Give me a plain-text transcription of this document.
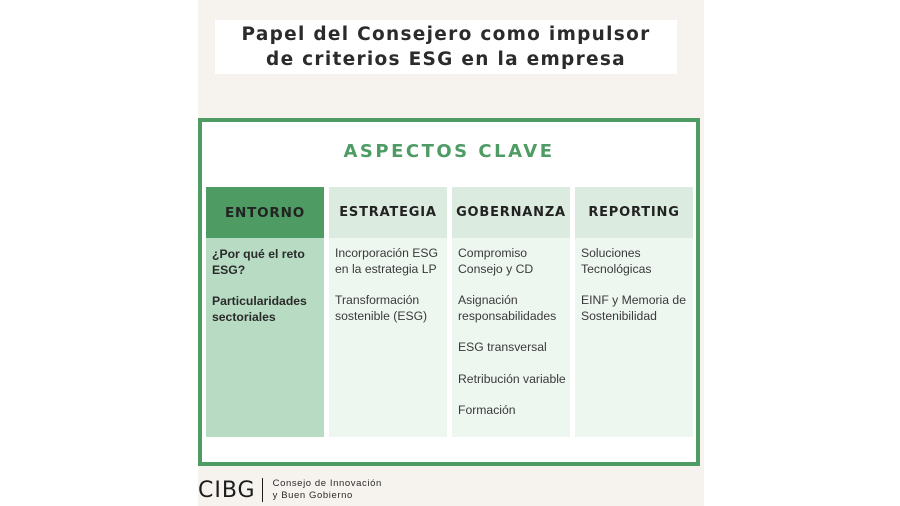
Papel del Consejero como impulsor
de criterios ESG en la empresa
ASPECTOS CLAVE
ENTORNO

¿Por qué el reto ESG?

Particularidades sectoriales

ESTRATEGIA

Incorporación ESG en la estrategia LP

Transformación sostenible (ESG)

GOBERNANZA

Compromiso Consejo y CD

Asignación responsabilidades

ESG transversal

Retribución variable

Formación

REPORTING

Soluciones Tecnológicas

EINF y Memoria de Sostenibilidad

CIBG Consejo de Innovación
y Buen Gobierno
